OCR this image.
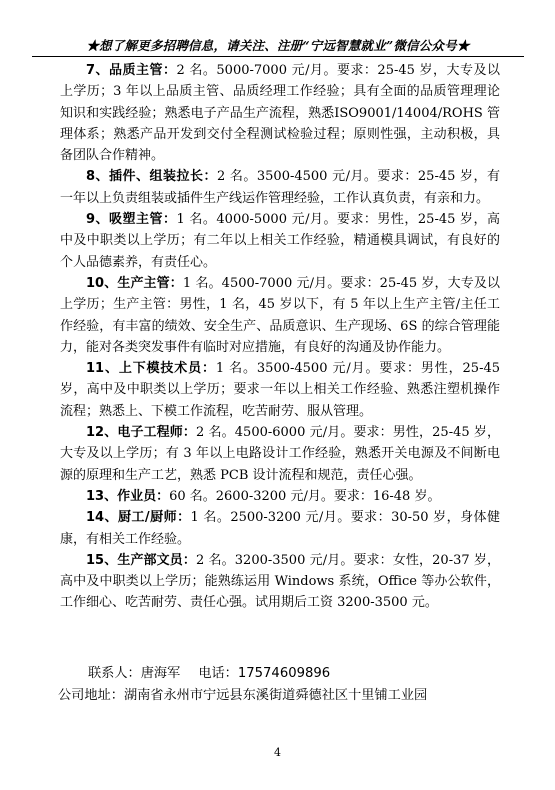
★想了解更多招聘信息，请关注、注册“宁远智慧就业”微信公众号★

7、品质主管：2 名。5000-7000 元/月。要求：25-45 岁，大专及以上学历；3 年以上品质主管、品质经理工作经验；具有全面的品质管理理论知识和实践经验；熟悉电子产品生产流程，熟悉ISO9001/14004/ROHS 管理体系；熟悉产品开发到交付全程测试检验过程；原则性强，主动积极，具备团队合作精神。

8、插件、组装拉长：2 名。3500-4500 元/月。要求：25-45 岁，有一年以上负责组装或插件生产线运作管理经验，工作认真负责，有亲和力。

9、吸塑主管：1 名。4000-5000 元/月。要求：男性，25-45 岁，高中及中职类以上学历；有二年以上相关工作经验，精通模具调试，有良好的个人品德素养，有责任心。

10、生产主管：1 名。4500-7000 元/月。要求：25-45 岁，大专及以上学历；生产主管：男性，1 名，45 岁以下，有 5 年以上生产主管/主任工作经验，有丰富的绩效、安全生产、品质意识、生产现场、6S 的综合管理能力，能对各类突发事件有临时对应措施，有良好的沟通及协作能力。

11、上下模技术员：1 名。3500-4500 元/月。要求：男性，25-45 岁，高中及中职类以上学历；要求一年以上相关工作经验、熟悉注塑机操作流程；熟悉上、下模工作流程，吃苦耐劳、服从管理。

12、电子工程师：2 名。4500-6000 元/月。要求：男性，25-45 岁，大专及以上学历；有 3 年以上电路设计工作经验，熟悉开关电源及不间断电源的原理和生产工艺，熟悉 PCB 设计流程和规范，责任心强。

13、作业员：60 名。2600-3200 元/月。要求：16-48 岁。

14、厨工/厨师：1 名。2500-3200 元/月。要求：30-50 岁，身体健康，有相关工作经验。

15、生产部文员：2 名。3200-3500 元/月。要求：女性，20-37 岁，高中及中职类以上学历；能熟练运用 Windows 系统，Office 等办公软件，工作细心、吃苦耐劳、责任心强。试用期后工资 3200-3500 元。

联系人：唐海军 电话：17574609896
公司地址：湖南省永州市宁远县东溪街道舜德社区十里铺工业园
4
